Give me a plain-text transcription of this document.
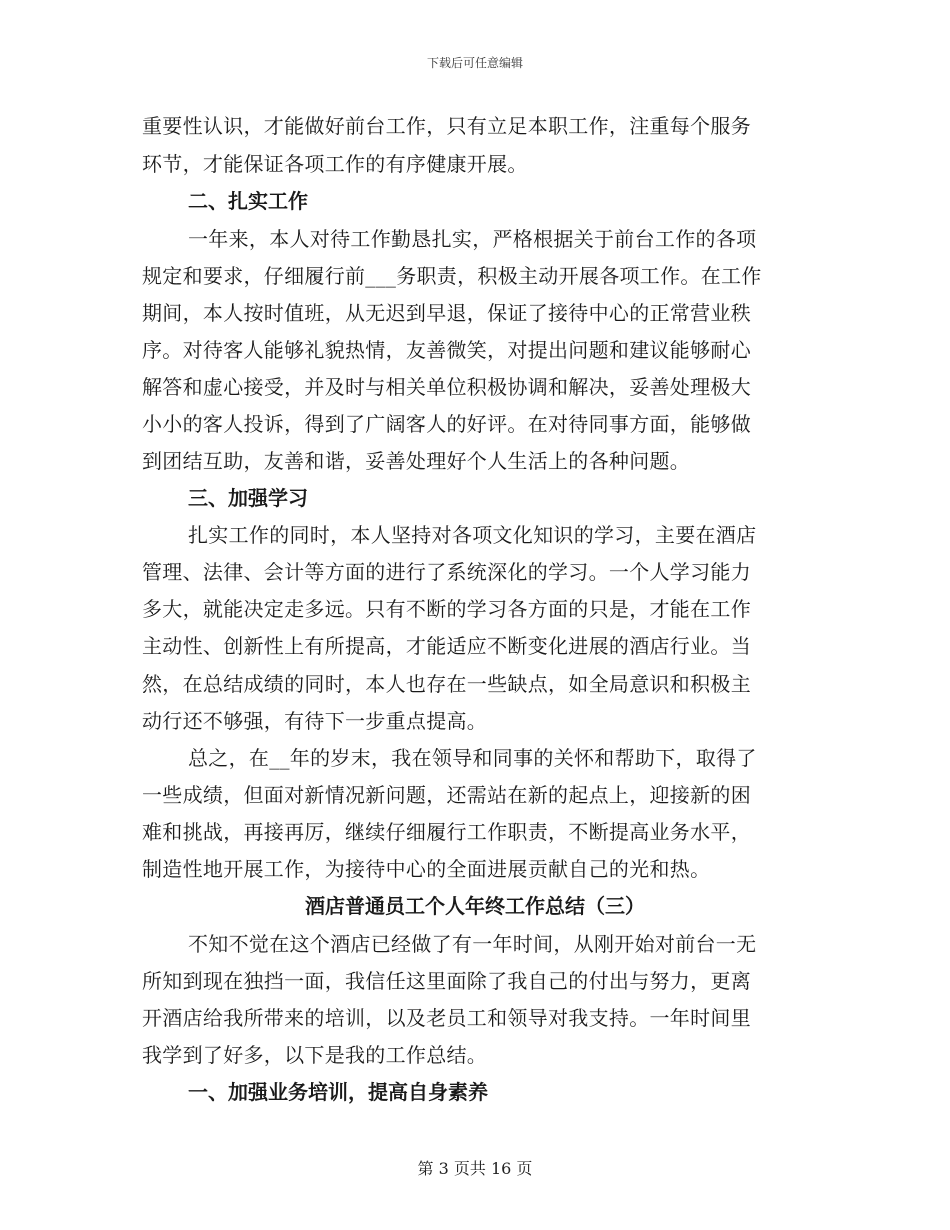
下载后可任意编辑
重要性认识，才能做好前台工作，只有立足本职工作，注重每个服务
环节，才能保证各项工作的有序健康开展。
二、扎实工作
一年来，本人对待工作勤恳扎实，严格根据关于前台工作的各项
规定和要求，仔细履行前___务职责，积极主动开展各项工作。在工作
期间，本人按时值班，从无迟到早退，保证了接待中心的正常营业秩
序。对待客人能够礼貌热情，友善微笑，对提出问题和建议能够耐心
解答和虚心接受，并及时与相关单位积极协调和解决，妥善处理极大
小小的客人投诉，得到了广阔客人的好评。在对待同事方面，能够做
到团结互助，友善和谐，妥善处理好个人生活上的各种问题。
三、加强学习
扎实工作的同时，本人坚持对各项文化知识的学习，主要在酒店
管理、法律、会计等方面的进行了系统深化的学习。一个人学习能力
多大，就能决定走多远。只有不断的学习各方面的只是，才能在工作
主动性、创新性上有所提高，才能适应不断变化进展的酒店行业。当
然，在总结成绩的同时，本人也存在一些缺点，如全局意识和积极主
动行还不够强，有待下一步重点提高。
总之，在__年的岁末，我在领导和同事的关怀和帮助下，取得了
一些成绩，但面对新情况新问题，还需站在新的起点上，迎接新的困
难和挑战，再接再厉，继续仔细履行工作职责，不断提高业务水平，
制造性地开展工作，为接待中心的全面进展贡献自己的光和热。
酒店普通员工个人年终工作总结（三）
不知不觉在这个酒店已经做了有一年时间，从刚开始对前台一无
所知到现在独挡一面，我信任这里面除了我自己的付出与努力，更离
开酒店给我所带来的培训，以及老员工和领导对我支持。一年时间里
我学到了好多，以下是我的工作总结。
一、加强业务培训，提高自身素养
第 3 页共 16 页
